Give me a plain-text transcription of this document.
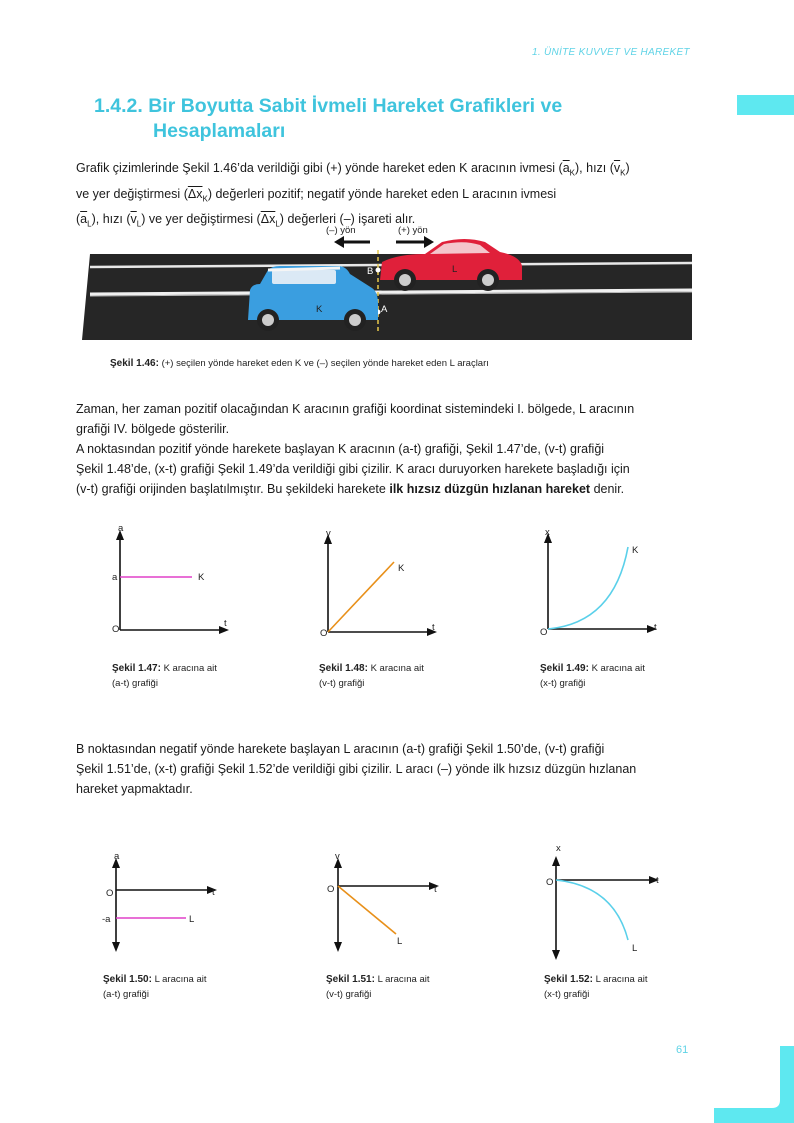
1. ÜNİTE KUVVET VE HAREKET
1.4.2. Bir Boyutta Sabit İvmeli Hareket Grafikleri ve
Hesaplamaları
Grafik çizimlerinde Şekil 1.46’da verildiği gibi (+) yönde hareket eden K aracının ivmesi $(\overline{a}_K)$, hızı $(\overline{v}_K)$
ve yer değiştirmesi $(\overline{\Delta x}_K)$ değerleri pozitif; negatif yönde hareket eden L aracının ivmesi
$(\overline{a}_L)$, hızı $(\overline{v}_L)$ ve yer değiştirmesi $(\overline{\Delta x}_L)$ değerleri (–) işareti alır.
(–) yön	(+) yön
B
A
L
K
Şekil 1.46: (+) seçilen yönde hareket eden K ve (–) seçilen yönde hareket eden L araçları
Zaman, her zaman pozitif olacağından K aracının grafiği koordinat sistemindeki I. bölgede, L aracının
grafiği IV. bölgede gösterilir.
A noktasından pozitif yönde harekete başlayan K aracının (a-t) grafiği, Şekil 1.47’de, (v-t) grafiği
Şekil 1.48’de, (x-t) grafiği Şekil 1.49’da verildiği gibi çizilir. K aracı duruyorken harekete başladığı için
(v-t) grafiği orijinden başlatılmıştır. Bu şekildeki harekete ilk hızsız düzgün hızlanan hareket denir.
a
t
O
a	K
v
t
O
K
x
t
O
K
Şekil 1.47: K aracına ait
(a-t) grafiği
Şekil 1.48: K aracına ait
(v-t) grafiği
Şekil 1.49: K aracına ait
(x-t) grafiği
B noktasından negatif yönde harekete başlayan L aracının (a-t) grafiği Şekil 1.50’de, (v-t) grafiği
Şekil 1.51’de, (x-t) grafiği Şekil 1.52’de verildiği gibi çizilir. L aracı (–) yönde ilk hızsız düzgün hızlanan
hareket yapmaktadır.
a
t
O
-a	L
v
t
O
L
x
t
O
L
Şekil 1.50: L aracına ait
(a-t) grafiği
Şekil 1.51: L aracına ait
(v-t) grafiği
Şekil 1.52: L aracına ait
(x-t) grafiği
61
